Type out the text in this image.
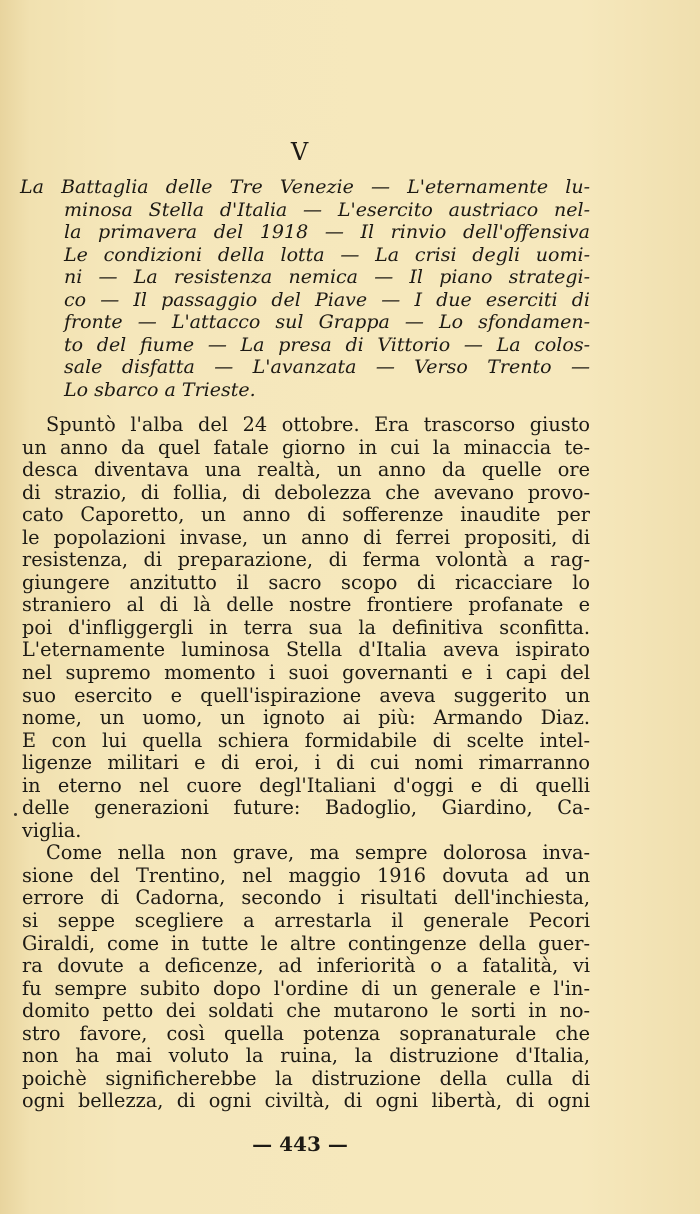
V
La Battaglia delle Tre Venezie — L'eternamente lu-
minosa Stella d'Italia — L'esercito austriaco nel-
la primavera del 1918 — Il rinvio dell'offensiva
Le condizioni della lotta — La crisi degli uomi-
ni — La resistenza nemica — Il piano strategi-
co — Il passaggio del Piave — I due eserciti di
fronte — L'attacco sul Grappa — Lo sfondamen-
to del fiume — La presa di Vittorio — La colos-
sale disfatta — L'avanzata — Verso Trento —
Lo sbarco a Trieste.

Spuntò l'alba del 24 ottobre. Era trascorso giusto
un anno da quel fatale giorno in cui la minaccia te-
desca diventava una realtà, un anno da quelle ore
di strazio, di follia, di debolezza che avevano provo-
cato Caporetto, un anno di sofferenze inaudite per
le popolazioni invase, un anno di ferrei propositi, di
resistenza, di preparazione, di ferma volontà a rag-
giungere anzitutto il sacro scopo di ricacciare lo
straniero al di là delle nostre frontiere profanate e
poi d'infliggergli in terra sua la definitiva sconfitta.
L'eternamente luminosa Stella d'Italia aveva ispirato
nel supremo momento i suoi governanti e i capi del
suo esercito e quell'ispirazione aveva suggerito un
nome, un uomo, un ignoto ai più: Armando Diaz.
E con lui quella schiera formidabile di scelte intel-
ligenze militari e di eroi, i di cui nomi rimarranno
in eterno nel cuore degl'Italiani d'oggi e di quelli
delle generazioni future: Badoglio, Giardino, Ca-
viglia.

Come nella non grave, ma sempre dolorosa inva-
sione del Trentino, nel maggio 1916 dovuta ad un
errore di Cadorna, secondo i risultati dell'inchiesta,
si seppe scegliere a arrestarla il generale Pecori
Giraldi, come in tutte le altre contingenze della guer-
ra dovute a deficenze, ad inferiorità o a fatalità, vi
fu sempre subito dopo l'ordine di un generale e l'in-
domito petto dei soldati che mutarono le sorti in no-
stro favore, così quella potenza sopranaturale che
non ha mai voluto la ruina, la distruzione d'Italia,
poichè significherebbe la distruzione della culla di
ogni bellezza, di ogni civiltà, di ogni libertà, di ogni

— 443 —
